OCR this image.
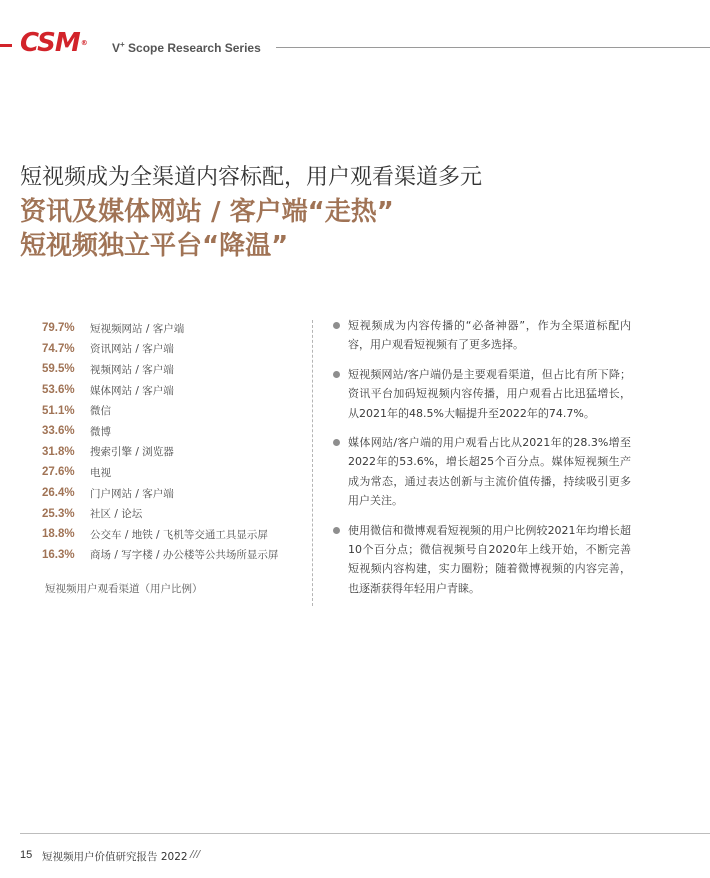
CSM® V+ Scope Research Series
短视频成为全渠道内容标配，用户观看渠道多元
资讯及媒体网站 / 客户端“走热”
短视频独立平台“降温”
79.7%	短视频网站 / 客户端
74.7%	资讯网站 / 客户端
59.5%	视频网站 / 客户端
53.6%	媒体网站 / 客户端
51.1%	微信
33.6%	微博
31.8%	搜索引擎 / 浏览器
27.6%	电视
26.4%	门户网站 / 客户端
25.3%	社区 / 论坛
18.8%	公交车 / 地铁 / 飞机等交通工具显示屏
16.3%	商场 / 写字楼 / 办公楼等公共场所显示屏
短视频用户观看渠道（用户比例）
短视频成为内容传播的“必备神器”，作为全渠道标配内容，用户观看短视频有了更多选择。
短视频网站/客户端仍是主要观看渠道，但占比有所下降；资讯平台加码短视频内容传播，用户观看占比迅猛增长，从2021年的48.5%大幅提升至2022年的74.7%。
媒体网站/客户端的用户观看占比从2021年的28.3%增至2022年的53.6%，增长超25个百分点。媒体短视频生产成为常态，通过表达创新与主流价值传播，持续吸引更多用户关注。
使用微信和微博观看短视频的用户比例较2021年均增长超10个百分点；微信视频号自2020年上线开始，不断完善短视频内容构建，实力圈粉；随着微博视频的内容完善，也逐渐获得年轻用户青睐。
15 短视频用户价值研究报告 2022 ///
